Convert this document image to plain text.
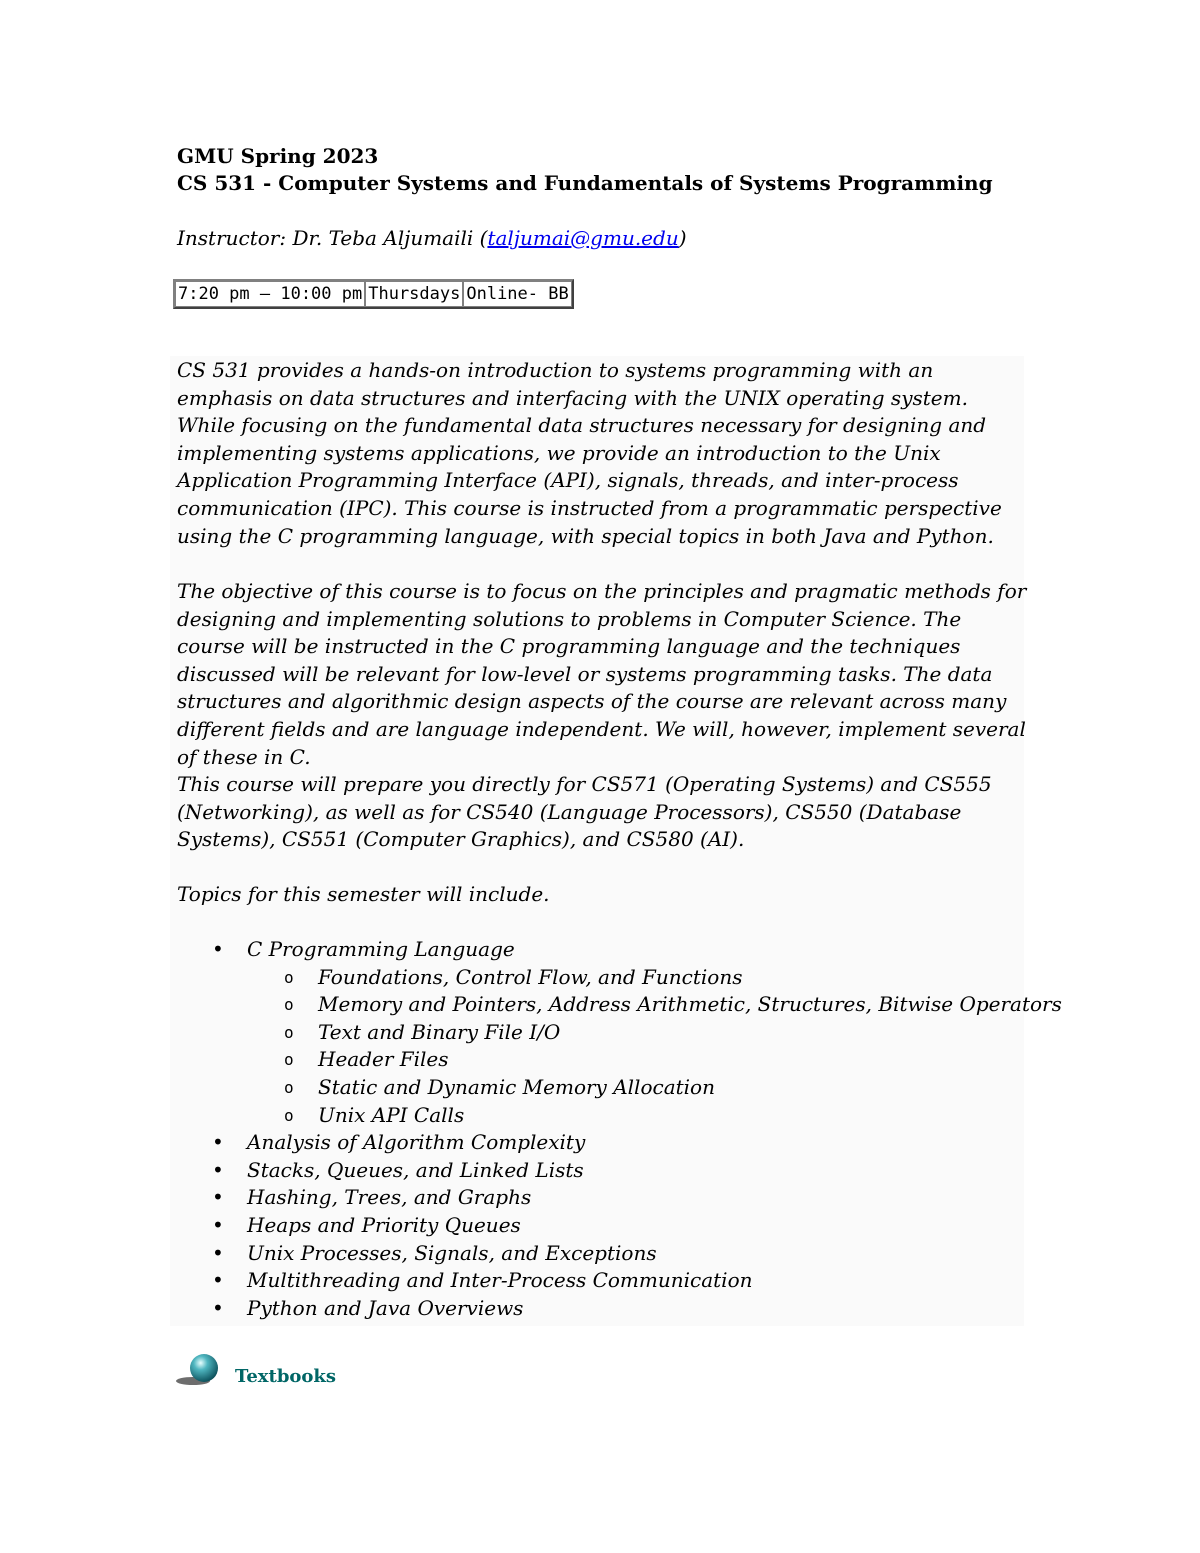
GMU Spring 2023
CS 531 - Computer Systems and Fundamentals of Systems Programming
Instructor: Dr. Teba Aljumaili (taljumai@gmu.edu)
7:20 pm – 10:00 pm	Thursdays	Online- BB
CS 531 provides a hands-on introduction to systems programming with an emphasis on data structures and interfacing with the UNIX operating system. While focusing on the fundamental data structures necessary for designing and implementing systems applications, we provide an introduction to the Unix Application Programming Interface (API), signals, threads, and inter-process communication (IPC). This course is instructed from a programmatic perspective using the C programming language, with special topics in both Java and Python.
The objective of this course is to focus on the principles and pragmatic methods for designing and implementing solutions to problems in Computer Science. The course will be instructed in the C programming language and the techniques discussed will be relevant for low-level or systems programming tasks. The data structures and algorithmic design aspects of the course are relevant across many different fields and are language independent. We will, however, implement several of these in C.
This course will prepare you directly for CS571 (Operating Systems) and CS555 (Networking), as well as for CS540 (Language Processors), CS550 (Database Systems), CS551 (Computer Graphics), and CS580 (AI).
Topics for this semester will include.
• C Programming Language
o Foundations, Control Flow, and Functions
o Memory and Pointers, Address Arithmetic, Structures, Bitwise Operators
o Text and Binary File I/O
o Header Files
o Static and Dynamic Memory Allocation
o Unix API Calls
• Analysis of Algorithm Complexity
• Stacks, Queues, and Linked Lists
• Hashing, Trees, and Graphs
• Heaps and Priority Queues
• Unix Processes, Signals, and Exceptions
• Multithreading and Inter-Process Communication
• Python and Java Overviews
Textbooks
